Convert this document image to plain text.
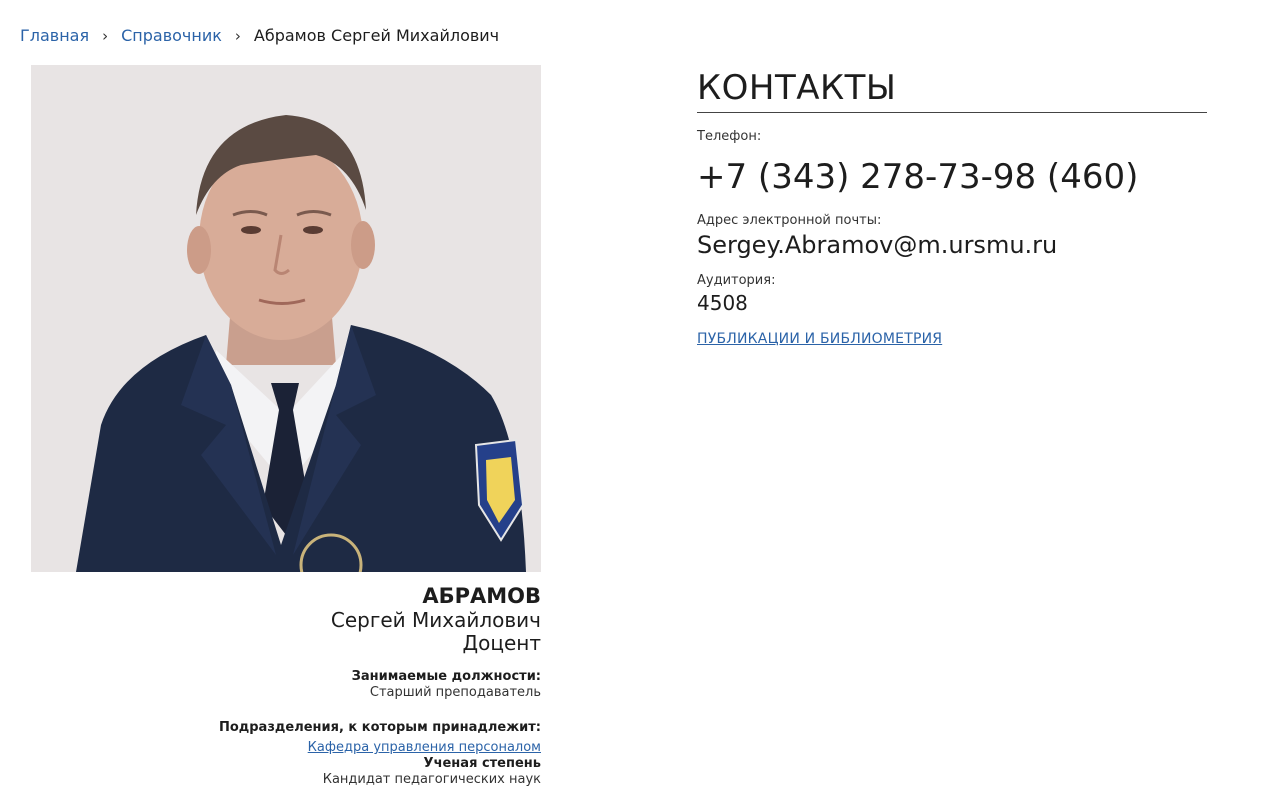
Главная › Справочник › Абрамов Сергей Михайлович
АБРАМОВ
Сергей Михайлович
Доцент
Занимаемые должности:
Старший преподаватель
Подразделения, к которым принадлежит:
Кафедра управления персоналом
Ученая степень
Кандидат педагогических наук
КОНТАКТЫ
Телефон:
+7 (343) 278-73-98 (460)
Адрес электронной почты:
Sergey.Abramov@m.ursmu.ru
Аудитория:
4508
ПУБЛИКАЦИИ И БИБЛИОМЕТРИЯ
